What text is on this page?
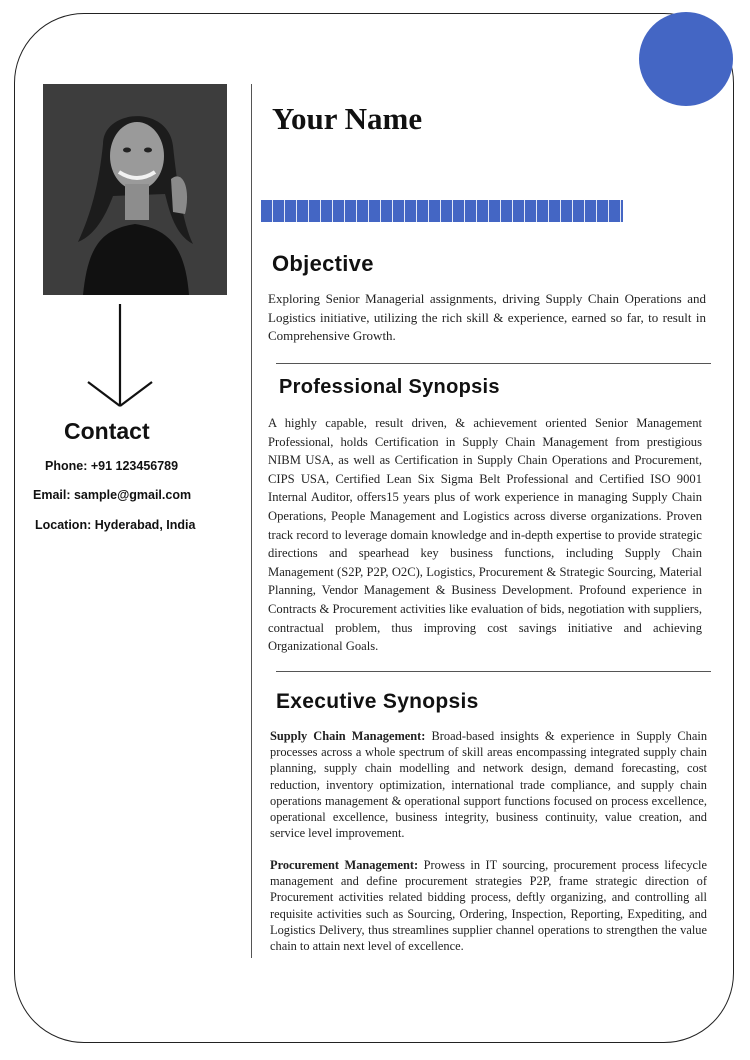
Contact
Phone: +91 123456789
Email: sample@gmail.com
Location: Hyderabad, India
Your Name
Objective
Exploring Senior Managerial assignments, driving Supply Chain Operations and Logistics initiative, utilizing the rich skill & experience, earned so far, to result in Comprehensive Growth.
Professional Synopsis
A highly capable, result driven, & achievement oriented Senior Management Professional, holds Certification in Supply Chain Management from prestigious NIBM USA, as well as Certification in Supply Chain Operations and Procurement, CIPS USA, Certified Lean Six Sigma Belt Professional and Certified ISO 9001 Internal Auditor, offers15 years plus of work experience in managing Supply Chain Operations, People Management and Logistics across diverse organizations. Proven track record to leverage domain knowledge and in-depth expertise to provide strategic directions and spearhead key business functions, including Supply Chain Management (S2P, P2P, O2C), Logistics, Procurement & Strategic Sourcing, Material Planning, Vendor Management & Business Development. Profound experience in Contracts & Procurement activities like evaluation of bids, negotiation with suppliers, contractual problem, thus improving cost savings initiative and achieving Organizational Goals.
Executive Synopsis

Supply Chain Management: Broad-based insights & experience in Supply Chain processes across a whole spectrum of skill areas encompassing integrated supply chain planning, supply chain modelling and network design, demand forecasting, cost reduction, inventory optimization, international trade compliance, and supply chain operations management & operational support functions focused on process excellence, operational excellence, business integrity, business continuity, value creation, and service level improvement.

Procurement Management: Prowess in IT sourcing, procurement process lifecycle management and define procurement strategies P2P, frame strategic direction of Procurement activities related bidding process, deftly organizing, and controlling all requisite activities such as Sourcing, Ordering, Inspection, Reporting, Expediting, and Logistics Delivery, thus streamlines supplier channel operations to strengthen the value chain to attain next level of excellence.
